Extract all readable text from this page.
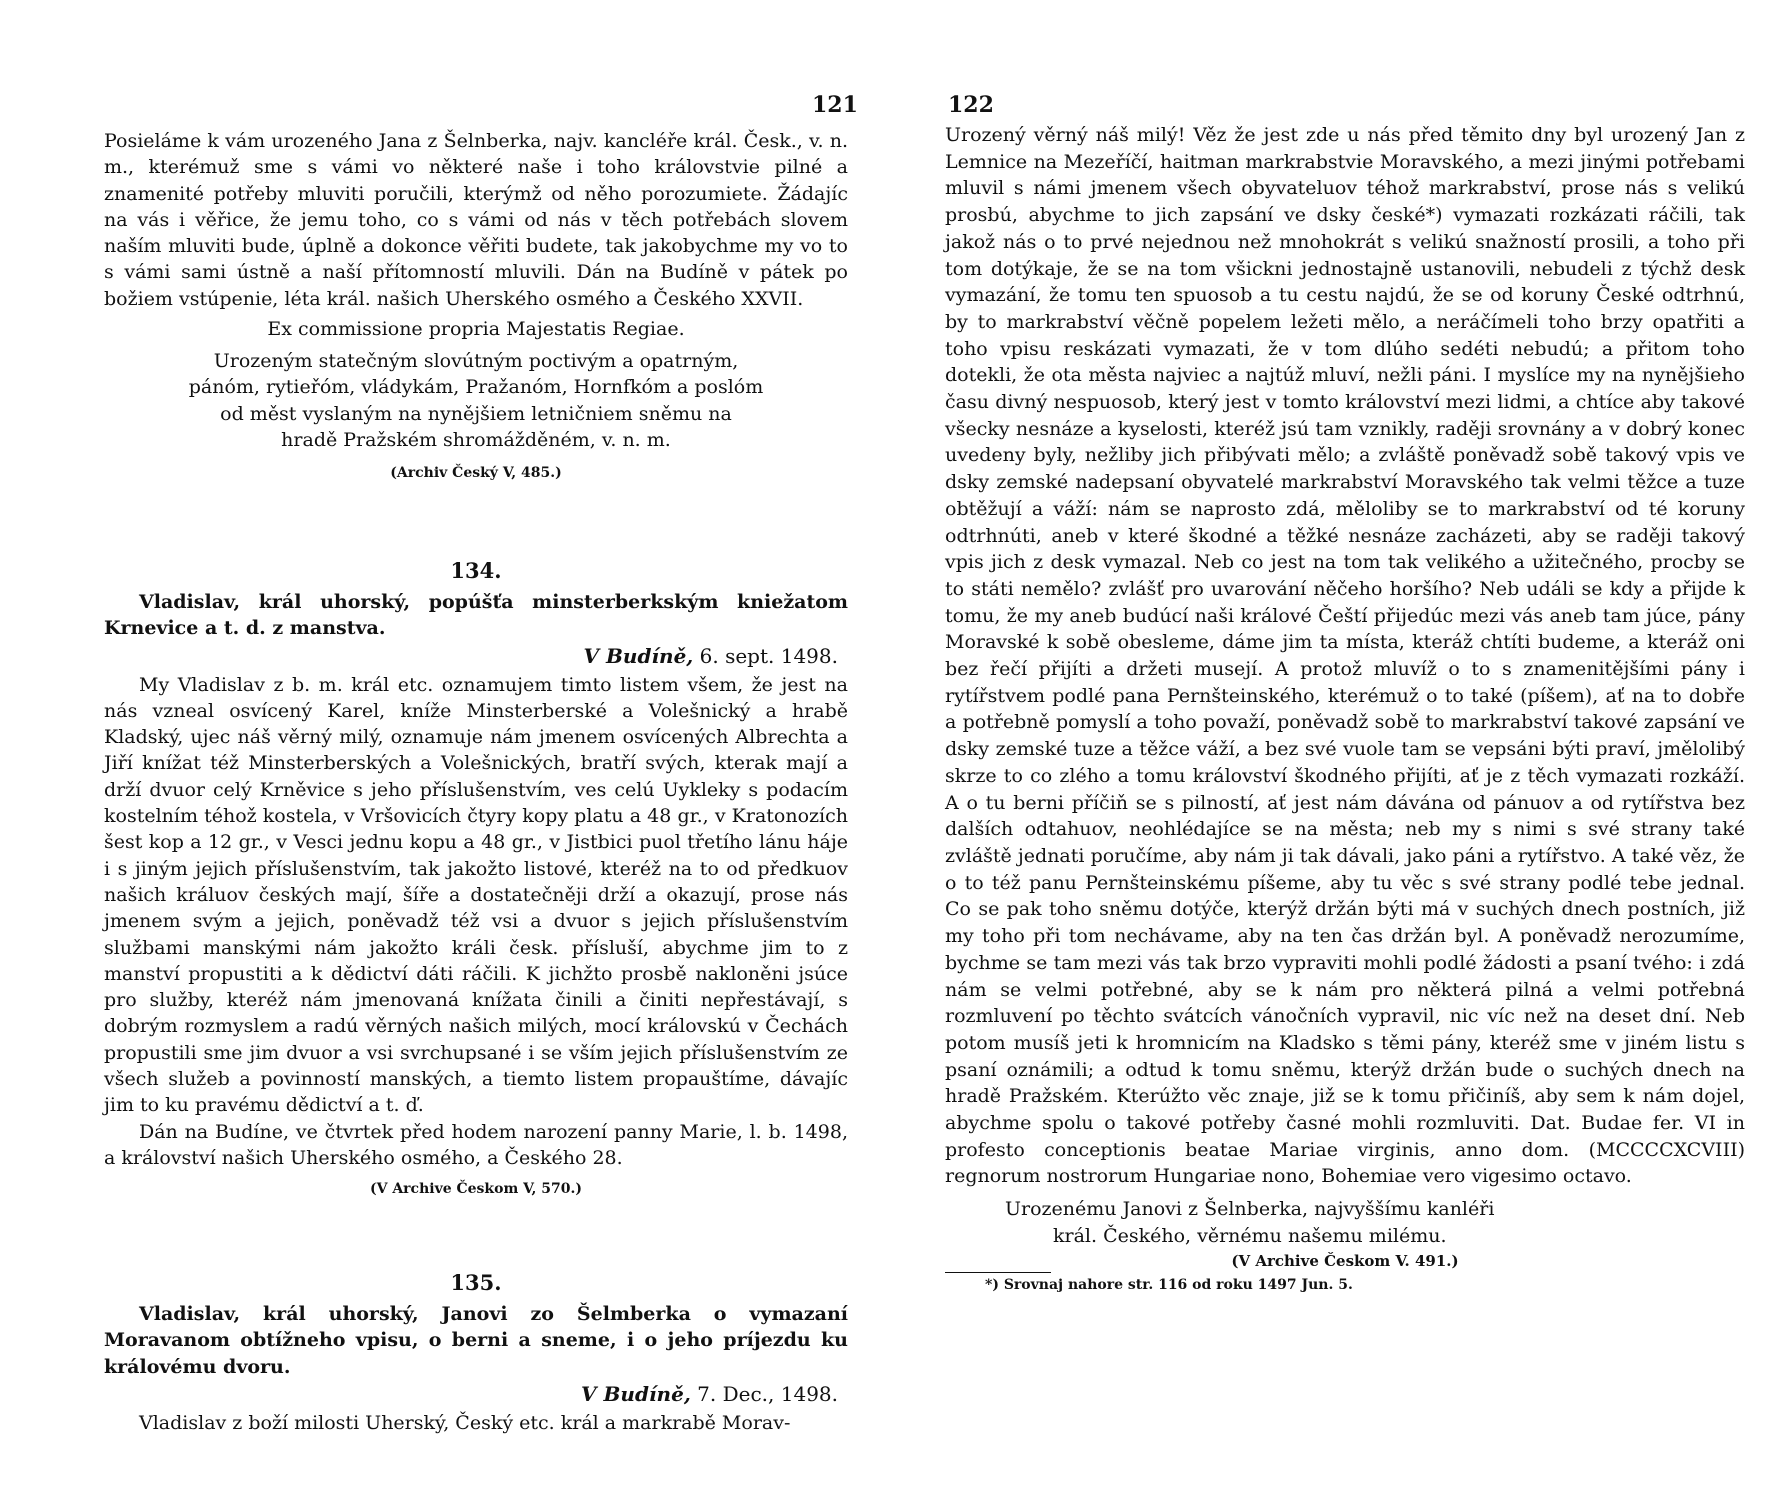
121

Posieláme k vám urozeného Jana z Šelnberka, najv. kancléře král. Česk., v. n. m., kterémuž sme s vámi vo některé naše i toho královstvie pilné a znamenité potřeby mluviti poručili, kterýmž od něho porozumiete. Žádajíc na vás i věřice, že jemu toho, co s vámi od nás v těch potřebách slovem naším mluviti bude, úplně a dokonce věřiti budete, tak jakobychme my vo to s vámi sami ústně a naší přítomností mluvili. Dán na Budíně v pátek po božiem vstúpenie, léta král. našich Uherského osmého a Českého XXVII.

Ex commissione propria Majestatis Regiae.

Urozeným statečným slovútným poctivým a opatrným,

pánóm, rytieřóm, vládykám, Pražanóm, Hornfkóm a poslóm

od měst vyslaným na nynějšiem letničniem sněmu na

hradě Pražském shromážděném, v. n. m.

(Archiv Český V, 485.)

134.

Vladislav, král uhorský, popúšťa minsterberkským kniežatom Krnevice a t. d. z manstva.

V Budíně, 6. sept. 1498.

My Vladislav z b. m. král etc. oznamujem timto listem všem, že jest na nás vzneal osvícený Karel, kníže Minsterberské a Volešnický a hrabě Kladský, ujec náš věrný milý, oznamuje nám jmenem osvícených Albrechta a Jiří knížat též Minsterberských a Volešnických, bratří svých, kterak mají a drží dvuor celý Krněvice s jeho příslušenstvím, ves celú Uykleky s podacím kostelním téhož kostela, v Vršovicích čtyry kopy platu a 48 gr., v Kratonozích šest kop a 12 gr., v Vesci jednu kopu a 48 gr., v Jistbici puol třetího lánu háje i s jiným jejich příslušenstvím, tak jakožto listové, kteréž na to od předkuov našich králuov českých mají, šíře a dostatečněji drží a okazují, prose nás jmenem svým a jejich, poněvadž též vsi a dvuor s jejich příslušenstvím službami manskými nám jakožto králi česk. přísluší, abychme jim to z manství propustiti a k dědictví dáti ráčili. K jichžto prosbě nakloněni jsúce pro služby, kteréž nám jmenovaná knížata činili a činiti nepřestávají, s dobrým rozmyslem a radú věrných našich milých, mocí královskú v Čechách propustili sme jim dvuor a vsi svrchupsané i se vším jejich příslušenstvím ze všech služeb a povinností manských, a tiemto listem propauštíme, dávajíc jim to ku pravému dědictví a t. ď.

Dán na Budíne, ve čtvrtek před hodem narození panny Marie, l. b. 1498, a království našich Uherského osmého, a Českého 28.

(V Archive Českom V, 570.)

135.

Vladislav, král uhorský, Janovi zo Šelmberka o vymazaní Moravanom obtížneho vpisu, o berni a sneme, i o jeho príjezdu ku královému dvoru.

V Budíně, 7. Dec., 1498.

Vladislav z boží milosti Uherský, Český etc. král a markrabě Morav-

122

Urozený věrný náš milý! Věz že jest zde u nás před těmito dny byl urozený Jan z Lemnice na Mezeříčí, haitman markrabstvie Moravského, a mezi jinými potřebami mluvil s námi jmenem všech obyvateluov téhož markrabství, prose nás s velikú prosbú, abychme to jich zapsání ve dsky české*) vymazati rozkázati ráčili, tak jakož nás o to prvé nejednou než mnohokrát s velikú snažností prosili, a toho při tom dotýkaje, že se na tom všickni jednostajně ustanovili, nebudeli z týchž desk vymazání, že tomu ten spuosob a tu cestu najdú, že se od koruny České odtrhnú, by to markrabství věčně popelem ležeti mělo, a neráčímeli toho brzy opatřiti a toho vpisu reskázati vymazati, že v tom dlúho sedéti nebudú; a přitom toho dotekli, že ota města najviec a najtúž mluví, nežli páni. I myslíce my na nynějšieho času divný nespuosob, který jest v tomto království mezi lidmi, a chtíce aby takové všecky nesnáze a kyselosti, kteréž jsú tam vznikly, raději srovnány a v dobrý konec uvedeny byly, nežliby jich přibývati mělo; a zvláště poněvadž sobě takový vpis ve dsky zemské nadepsaní obyvatelé markrabství Moravského tak velmi těžce a tuze obtěžují a váží: nám se naprosto zdá, měloliby se to markrabství od té koruny odtrhnúti, aneb v které škodné a těžké nesnáze zacházeti, aby se raději takový vpis jich z desk vymazal. Neb co jest na tom tak velikého a užitečného, procby se to státi nemělo? zvlášť pro uvarování něčeho horšího? Neb událi se kdy a přijde k tomu, že my aneb budúcí naši králové Čeští přijedúc mezi vás aneb tam júce, pány Moravské k sobě obesleme, dáme jim ta místa, kteráž chtíti budeme, a kteráž oni bez řečí přijíti a držeti musejí. A protož mluvíž o to s znamenitějšími pány i rytířstvem podlé pana Pernšteinského, kterémuž o to také (píšem), ať na to dobře a potřebně pomyslí a toho považí, poněvadž sobě to markrabství takové zapsání ve dsky zemské tuze a těžce váží, a bez své vuole tam se vepsáni býti praví, jmělolibý skrze to co zlého a tomu království škodného přijíti, ať je z těch vymazati rozkáží. A o tu berni příčiň se s pilností, ať jest nám dávána od pánuov a od rytířstva bez dalších odtahuov, neohlédajíce se na města; neb my s nimi s své strany také zvláště jednati poručíme, aby nám ji tak dávali, jako páni a rytířstvo. A také věz, že o to též panu Pernšteinskému píšeme, aby tu věc s své strany podlé tebe jednal. Co se pak toho sněmu dotýče, kterýž držán býti má v suchých dnech postních, již my toho při tom nechávame, aby na ten čas držán byl. A poněvadž nerozumíme, bychme se tam mezi vás tak brzo vypraviti mohli podlé žádosti a psaní tvého: i zdá nám se velmi potřebné, aby se k nám pro některá pilná a velmi potřebná rozmluvení po těchto svátcích vánočních vypravil, nic víc než na deset dní. Neb potom musíš jeti k hromnicím na Kladsko s těmi pány, kteréž sme v jiném listu s psaní oznámili; a odtud k tomu sněmu, kterýž držán bude o suchých dnech na hradě Pražském. Kterúžto věc znaje, již se k tomu přičiníš, aby sem k nám dojel, abychme spolu o takové potřeby časné mohli rozmluviti. Dat. Budae fer. VI in profesto conceptionis beatae Mariae virginis, anno dom. (MCCCCXCVIII) regnorum nostrorum Hungariae nono, Bohemiae vero vigesimo octavo.

Urozenému Janovi z Šelnberka, najvyššímu kanléři

král. Českého, věrnému našemu milému.

(V Archive Českom V. 491.)

*) Srovnaj nahore str. 116 od roku 1497 Jun. 5.
